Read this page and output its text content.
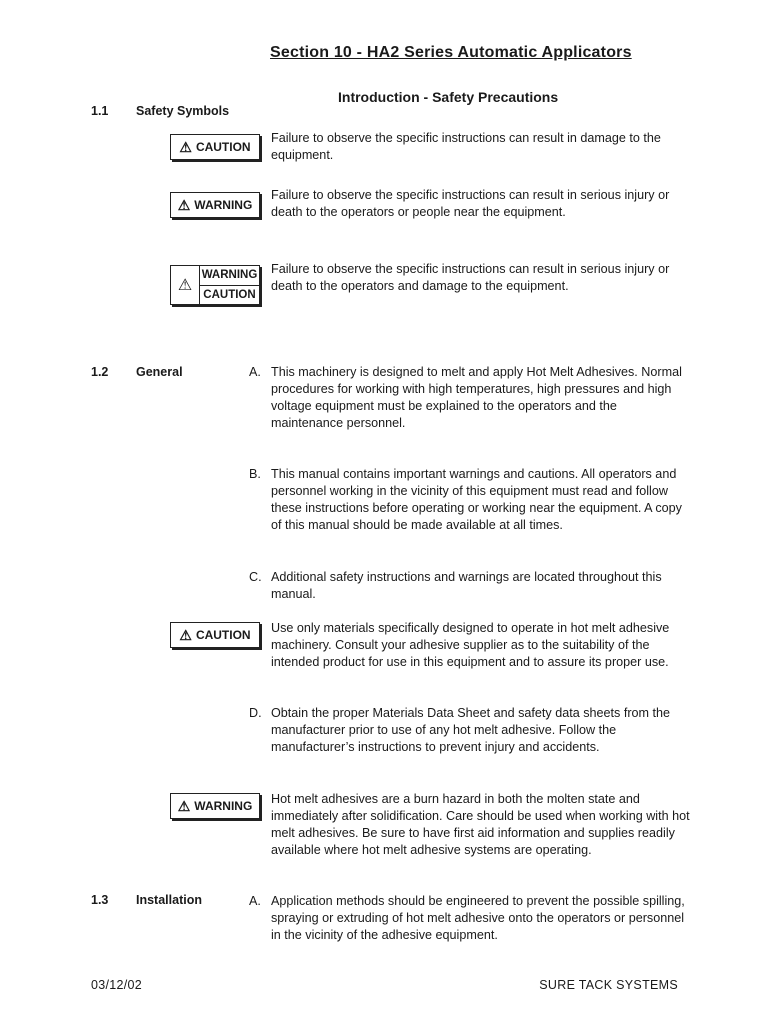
Section 10 - HA2 Series Automatic Applicators
Introduction - Safety Precautions
1.1 Safety Symbols
⚠ CAUTION
Failure to observe the specific instructions can result in damage to the equipment.
⚠ WARNING
Failure to observe the specific instructions can result in serious injury or death to the operators or people near the equipment.
⚠
WARNING
CAUTION
Failure to observe the specific instructions can result in serious injury or death to the operators and damage to the equipment.
1.2 General	A. This machinery is designed to melt and apply Hot Melt Adhesives. Normal procedures for working with high temperatures, high pressures and high voltage equipment must be explained to the operators and the maintenance personnel.
B. This manual contains important warnings and cautions. All operators and personnel working in the vicinity of this equipment must read and follow these instructions before operating or working near the equipment. A copy of this manual should be made available at all times.
C. Additional safety instructions and warnings are located throughout this manual.
⚠ CAUTION Use only materials specifically designed to operate in hot melt adhesive machinery. Consult your adhesive supplier as to the suitability of the intended product for use in this equipment and to assure its proper use.
D. Obtain the proper Materials Data Sheet and safety data sheets from the manufacturer prior to use of any hot melt adhesive. Follow the manufacturer’s instructions to prevent injury and accidents.
⚠ WARNING Hot melt adhesives are a burn hazard in both the molten state and immediately after solidification. Care should be used when working with hot melt adhesives. Be sure to have first aid information and supplies readily available where hot melt adhesive systems are operating.
1.3 Installation	A. Application methods should be engineered to prevent the possible spilling, spraying or extruding of hot melt adhesive onto the operators or personnel in the vicinity of the adhesive equipment.
03/12/02	SURE TACK SYSTEMS
